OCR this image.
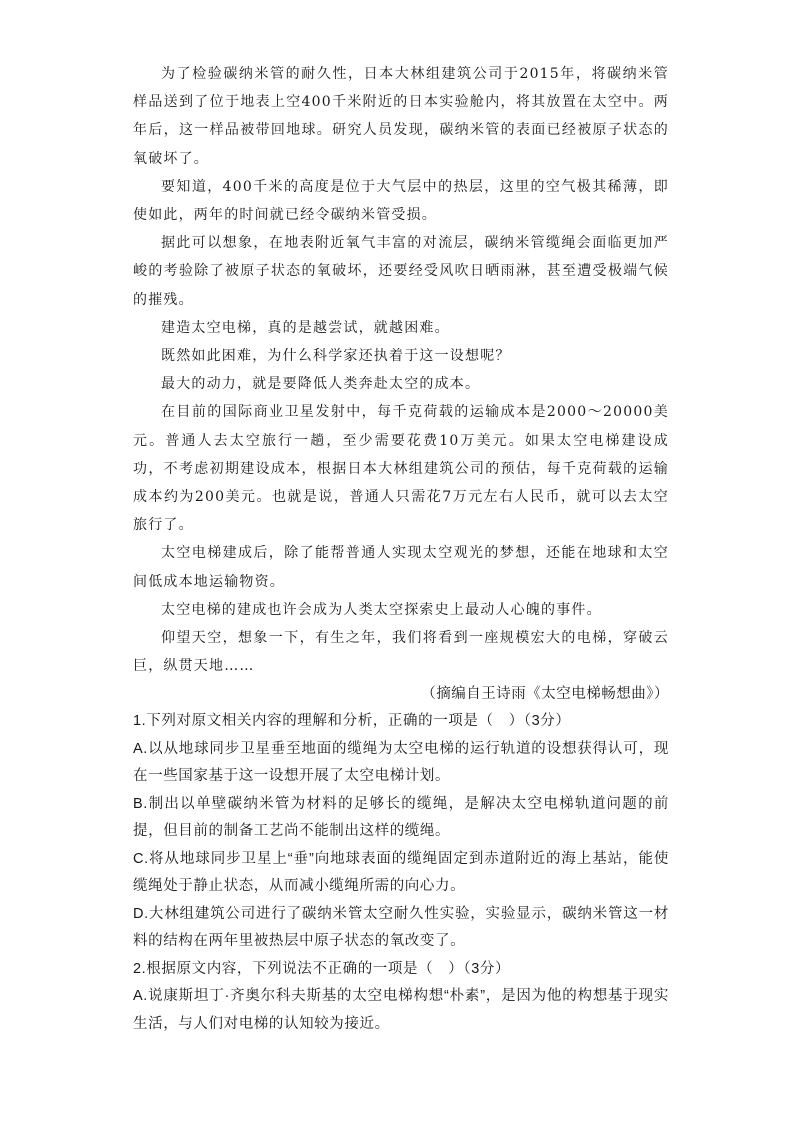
为了检验碳纳米管的耐久性，日本大林组建筑公司于2015年，将碳纳米管样品送到了位于地表上空400千米附近的日本实验舱内，将其放置在太空中。两年后，这一样品被带回地球。研究人员发现，碳纳米管的表面已经被原子状态的氧破坏了。

要知道，400千米的高度是位于大气层中的热层，这里的空气极其稀薄，即使如此，两年的时间就已经令碳纳米管受损。

据此可以想象，在地表附近氧气丰富的对流层，碳纳米管缆绳会面临更加严峻的考验除了被原子状态的氧破坏，还要经受风吹日晒雨淋，甚至遭受极端气候的摧残。

建造太空电梯，真的是越尝试，就越困难。

既然如此困难，为什么科学家还执着于这一设想呢？

最大的动力，就是要降低人类奔赴太空的成本。

在目前的国际商业卫星发射中，每千克荷载的运输成本是2000～20000美元。普通人去太空旅行一趟，至少需要花费10万美元。如果太空电梯建设成功，不考虑初期建设成本，根据日本大林组建筑公司的预估，每千克荷载的运输成本约为200美元。也就是说，普通人只需花7万元左右人民币，就可以去太空旅行了。

太空电梯建成后，除了能帮普通人实现太空观光的梦想，还能在地球和太空间低成本地运输物资。

太空电梯的建成也许会成为人类太空探索史上最动人心魄的事件。

仰望天空，想象一下，有生之年，我们将看到一座规模宏大的电梯，穿破云巨，纵贯天地……

（摘编自王诗雨《太空电梯畅想曲》）

1.下列对原文相关内容的理解和分析，正确的一项是（　）（3分）

A.以从地球同步卫星垂至地面的缆绳为太空电梯的运行轨道的设想获得认可，现在一些国家基于这一设想开展了太空电梯计划。

B.制出以单壁碳纳米管为材料的足够长的缆绳，是解决太空电梯轨道问题的前提，但目前的制备工艺尚不能制出这样的缆绳。

C.将从地球同步卫星上“垂”向地球表面的缆绳固定到赤道附近的海上基站，能使缆绳处于静止状态，从而减小缆绳所需的向心力。

D.大林组建筑公司进行了碳纳米管太空耐久性实验，实验显示，碳纳米管这一材料的结构在两年里被热层中原子状态的氧改变了。

2.根据原文内容，下列说法不正确的一项是（　）（3分）

A.说康斯坦丁·齐奥尔科夫斯基的太空电梯构想“朴素”，是因为他的构想基于现实生活，与人们对电梯的认知较为接近。
